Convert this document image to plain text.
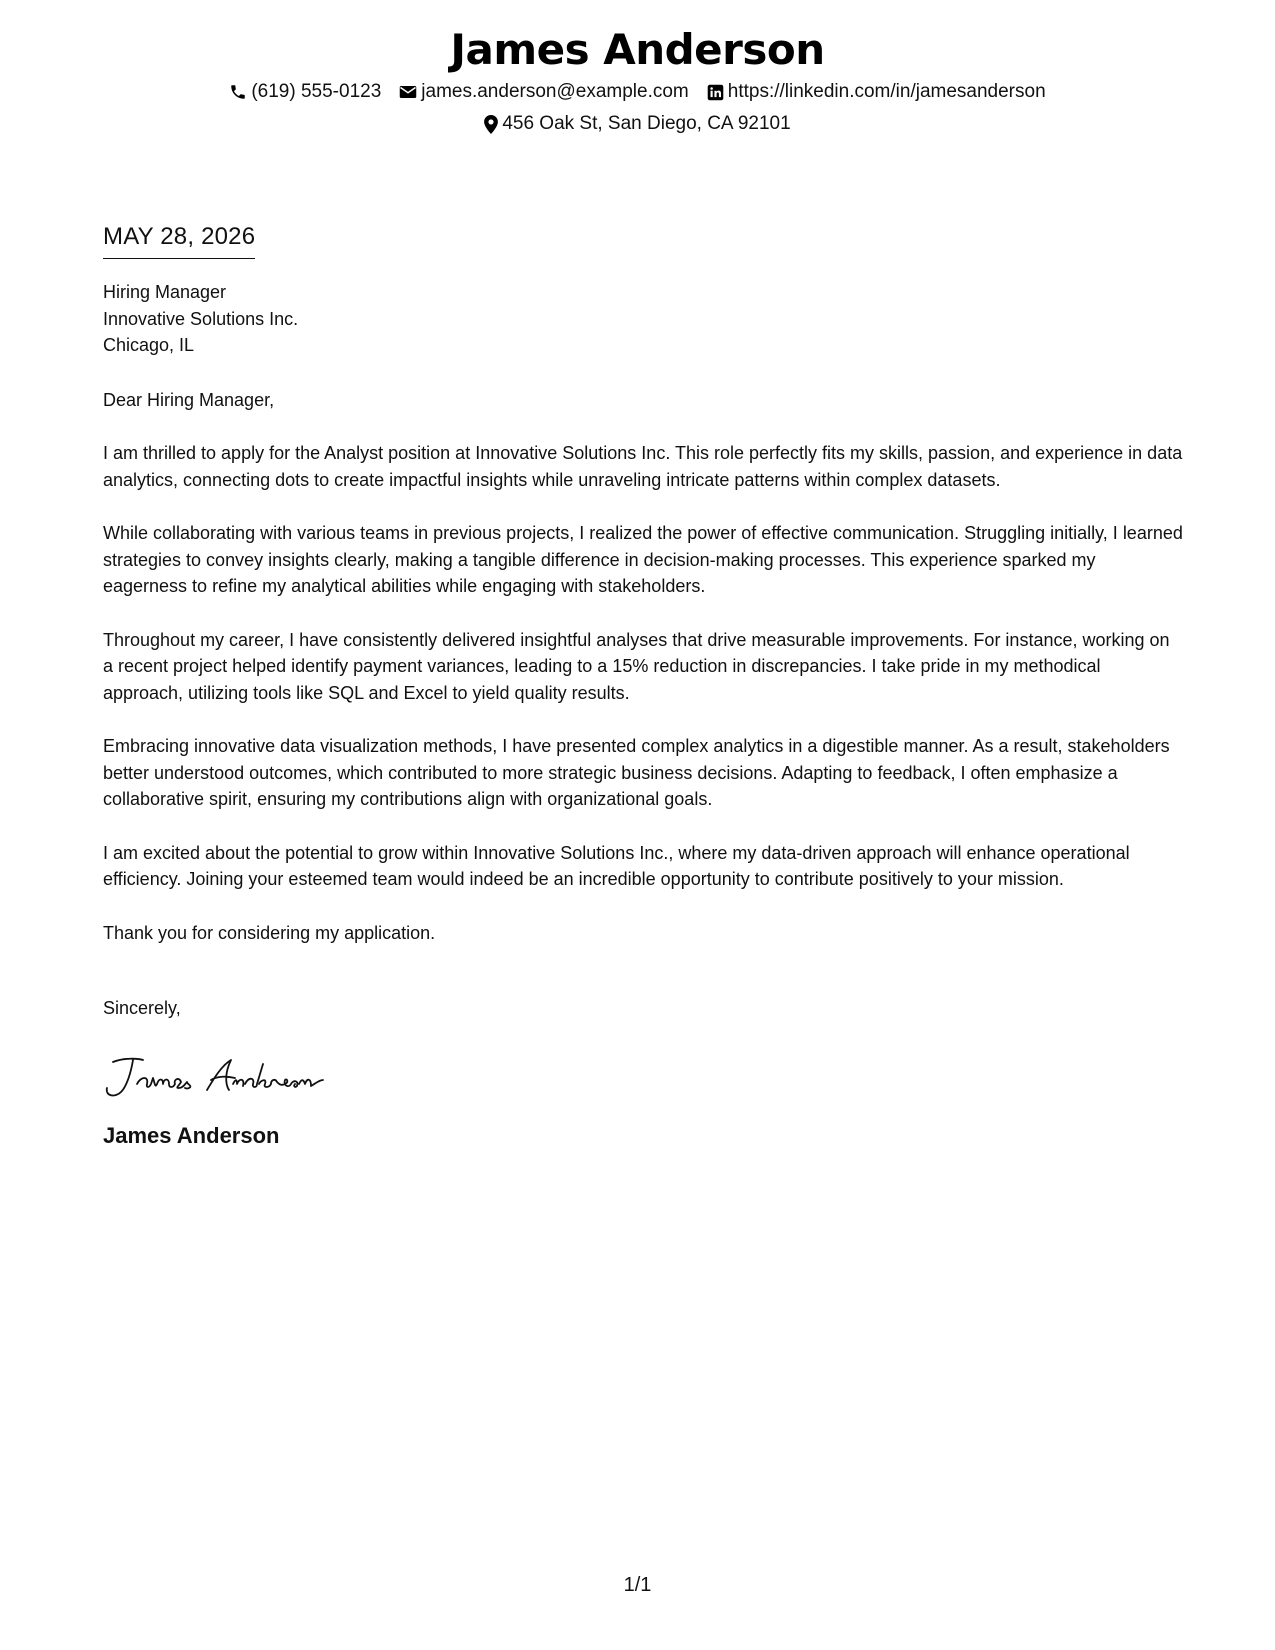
James Anderson
(619) 555-0123 james.anderson@example.com https://linkedin.com/in/jamesanderson
456 Oak St, San Diego, CA 92101
MAY 28, 2026
Hiring Manager
Innovative Solutions Inc.
Chicago, IL
Dear Hiring Manager,
I am thrilled to apply for the Analyst position at Innovative Solutions Inc. This role perfectly fits my skills, passion, and experience in data analytics, connecting dots to create impactful insights while unraveling intricate patterns within complex datasets.
While collaborating with various teams in previous projects, I realized the power of effective communication. Struggling initially, I learned strategies to convey insights clearly, making a tangible difference in decision-making processes. This experience sparked my eagerness to refine my analytical abilities while engaging with stakeholders.
Throughout my career, I have consistently delivered insightful analyses that drive measurable improvements. For instance, working on a recent project helped identify payment variances, leading to a 15% reduction in discrepancies. I take pride in my methodical approach, utilizing tools like SQL and Excel to yield quality results.
Embracing innovative data visualization methods, I have presented complex analytics in a digestible manner. As a result, stakeholders better understood outcomes, which contributed to more strategic business decisions. Adapting to feedback, I often emphasize a collaborative spirit, ensuring my contributions align with organizational goals.
I am excited about the potential to grow within Innovative Solutions Inc., where my data-driven approach will enhance operational efficiency. Joining your esteemed team would indeed be an incredible opportunity to contribute positively to your mission.
Thank you for considering my application.
Sincerely,
James Anderson
1/1
